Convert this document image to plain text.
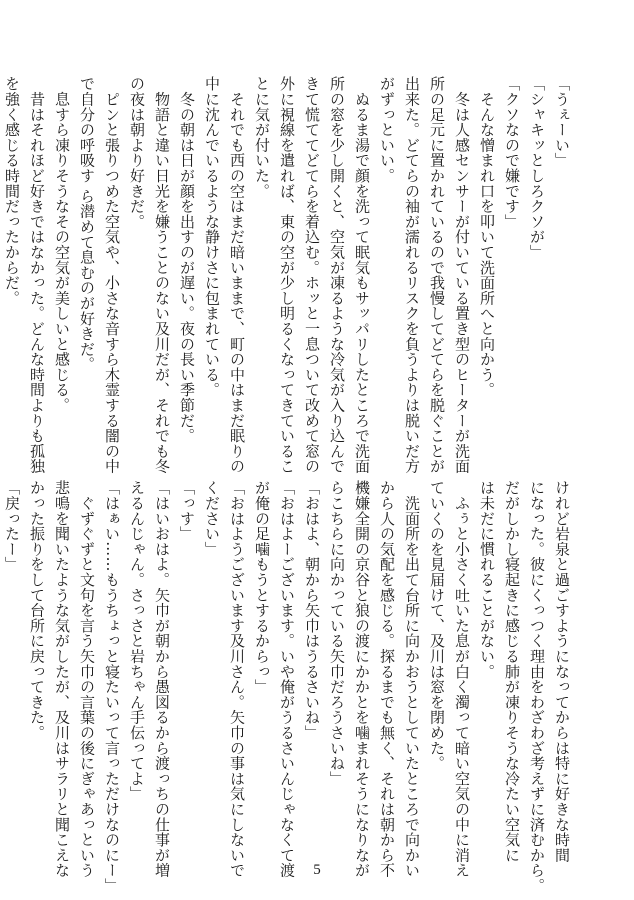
「うぇーい」
「シャキッとしろクソが」
「クソなので嫌です」
　そんな憎まれ口を叩いて洗面所へと向かう。
　冬は人感センサーが付いている置き型のヒーターが洗面
所の足元に置かれているので我慢してどてらを脱ぐことが
出来た。どてらの袖が濡れるリスクを負うよりは脱いだ方
がずっといい。
　ぬるま湯で顔を洗って眠気もサッパリしたところで洗面
所の窓を少し開くと、空気が凍るような冷気が入り込んで
きて慌ててどてらを着込む。ホッと一息ついて改めて窓の
外に視線を遣れば、東の空が少し明るくなってきているこ
とに気が付いた。
　それでも西の空はまだ暗いままで、町の中はまだ眠りの
中に沈んでいるような静けさに包まれている。
　冬の朝は日が顔を出すのが遅い。夜の長い季節だ。
　物語と違い日光を嫌うことのない及川だが、それでも冬
の夜は朝より好きだ。
　ピンと張りつめた空気や、小さな音すら木霊する闇の中
で自分の呼吸す ら潜めて息むのが好きだ。
　息すら凍りそうなその空気が美しいと感じる。
　昔はそれほど好きではなかった。どんな時間よりも孤独
を強く感じる時間だったからだ。
けれど岩泉と過ごすようになってからは特に好きな時間
になった。彼にくっつく理由をわざわざ考えずに済むから。
だがしかし寝起きに感じる肺が凍りそうな冷たい空気に
は未だに慣れることがない。
　ふぅと小さく吐いた息が白く濁って暗い空気の中に消え
ていくのを見届けて、及川は窓を閉めた。
　洗面所を出て台所に向かおうとしていたところで向かい
から人の気配を感じる。探るまでも無く、それは朝から不
機嫌全開の京谷と狼の渡にかかとを噛まれそうになりなが
らこちらに向かっている矢巾だろうさいね」
「おはよ、朝から矢巾はうるさいね」
「おはよーございます。いや俺がうるさいんじゃなくて渡
が俺の足噛もうとするからっ」
「おはようございます及川さん。矢巾の事は気にしないで
ください」
「っす」
「はいおはよ。矢巾が朝から愚図るから渡っちの仕事が増
えるんじゃん。さっさと岩ちゃん手伝ってよ」
「はぁい……もうちょっと寝たいって言っただけなのにー」
　ぐずぐずと文句を言う矢巾の言葉の後にぎゃあっという
悲鳴を聞いたような気がしたが、及川はサラリと聞こえな
かった振りをして台所に戻ってきた。
「戻ったー」
5
